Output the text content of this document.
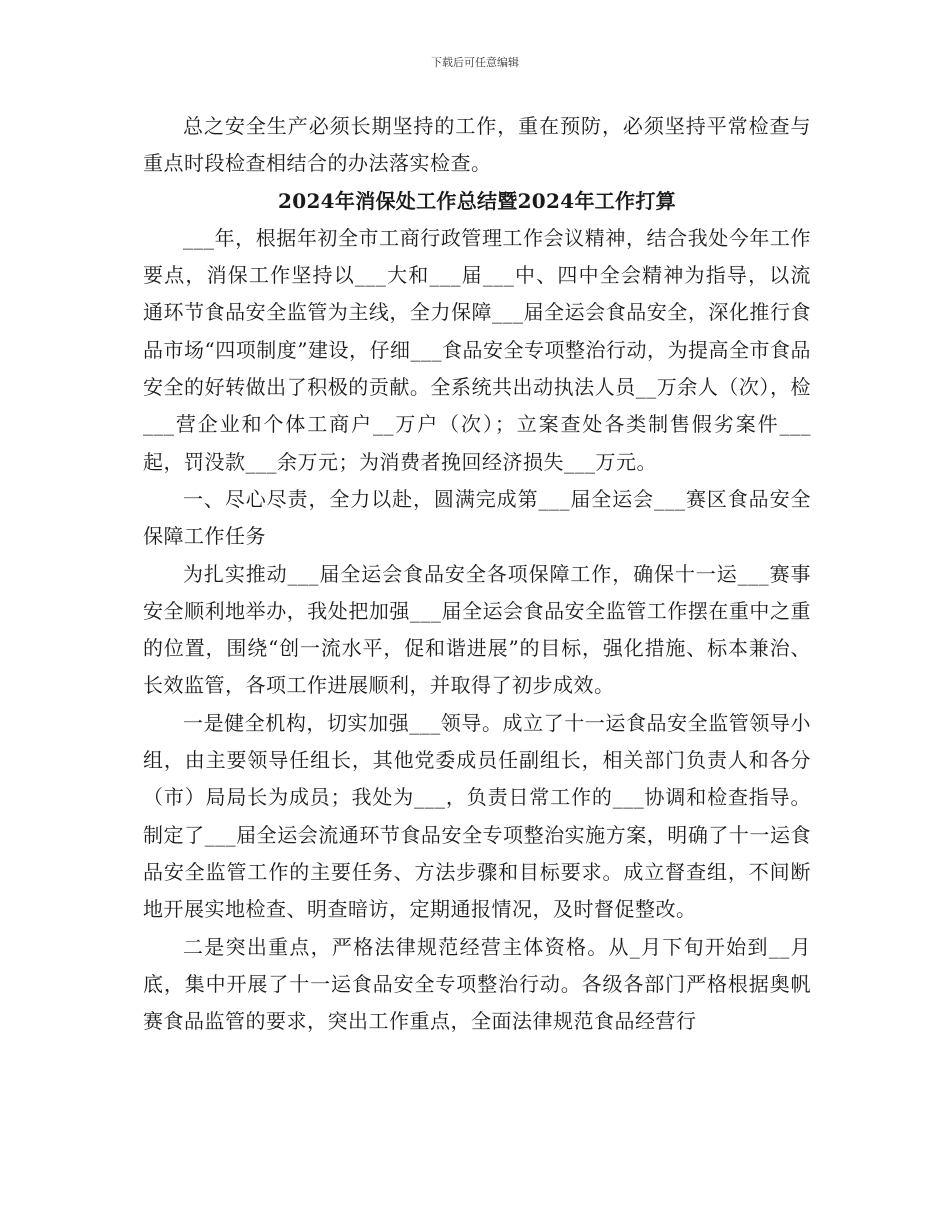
下载后可任意编辑

总之安全生产必须长期坚持的工作，重在预防，必须坚持平常检查与重点时段检查相结合的办法落实检查。

2024年消保处工作总结暨2024年工作打算

___年，根据年初全市工商行政管理工作会议精神，结合我处今年工作要点，消保工作坚持以___大和___届___中、四中全会精神为指导，以流通环节食品安全监管为主线，全力保障___届全运会食品安全，深化推行食品市场“四项制度”建设，仔细___食品安全专项整治行动，为提高全市食品安全的好转做出了积极的贡献。全系统共出动执法人员__万余人（次），检___营企业和个体工商户__万户（次）；立案查处各类制售假劣案件___起，罚没款___余万元；为消费者挽回经济损失___万元。

一、尽心尽责，全力以赴，圆满完成第___届全运会___赛区食品安全保障工作任务

为扎实推动___届全运会食品安全各项保障工作，确保十一运___赛事安全顺利地举办，我处把加强___届全运会食品安全监管工作摆在重中之重的位置，围绕“创一流水平，促和谐进展”的目标，强化措施、标本兼治、长效监管，各项工作进展顺利，并取得了初步成效。

一是健全机构，切实加强___领导。成立了十一运食品安全监管领导小组，由主要领导任组长，其他党委成员任副组长，相关部门负责人和各分（市）局局长为成员；我处为___，负责日常工作的___协调和检查指导。制定了___届全运会流通环节食品安全专项整治实施方案，明确了十一运食品安全监管工作的主要任务、方法步骤和目标要求。成立督查组，不间断地开展实地检查、明查暗访，定期通报情况，及时督促整改。

二是突出重点，严格法律规范经营主体资格。从_月下旬开始到__月底，集中开展了十一运食品安全专项整治行动。各级各部门严格根据奥帆赛食品监管的要求，突出工作重点，全面法律规范食品经营行
